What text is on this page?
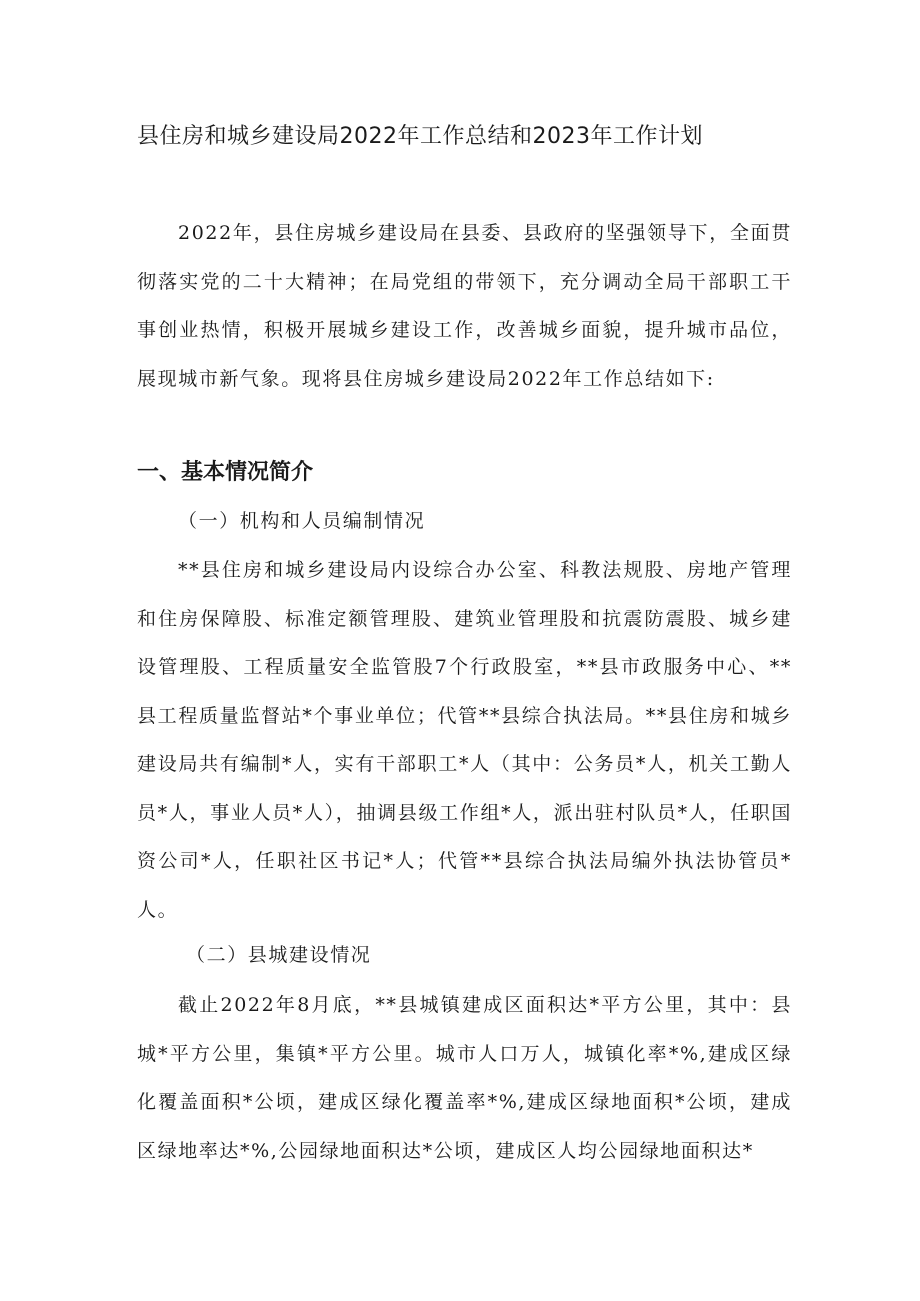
县住房和城乡建设局2022年工作总结和2023年工作计划

2022年，县住房城乡建设局在县委、县政府的坚强领导下，全面贯彻落实党的二十大精神；在局党组的带领下，充分调动全局干部职工干事创业热情，积极开展城乡建设工作，改善城乡面貌，提升城市品位，展现城市新气象。现将县住房城乡建设局2022年工作总结如下:

一、基本情况简介

（一）机构和人员编制情况

**县住房和城乡建设局内设综合办公室、科教法规股、房地产管理和住房保障股、标准定额管理股、建筑业管理股和抗震防震股、城乡建设管理股、工程质量安全监管股7个行政股室，**县市政服务中心、**县工程质量监督站*个事业单位；代管**县综合执法局。**县住房和城乡建设局共有编制*人，实有干部职工*人（其中：公务员*人，机关工勤人员*人，事业人员*人），抽调县级工作组*人，派出驻村队员*人，任职国资公司*人，任职社区书记*人；代管**县综合执法局编外执法协管员*人。

（二）县城建设情况

截止2022年8月底，**县城镇建成区面积达*平方公里，其中：县城*平方公里，集镇*平方公里。城市人口万人，城镇化率*%,建成区绿化覆盖面积*公顷，建成区绿化覆盖率*%,建成区绿地面积*公顷，建成区绿地率达*%,公园绿地面积达*公顷，建成区人均公园绿地面积达*
